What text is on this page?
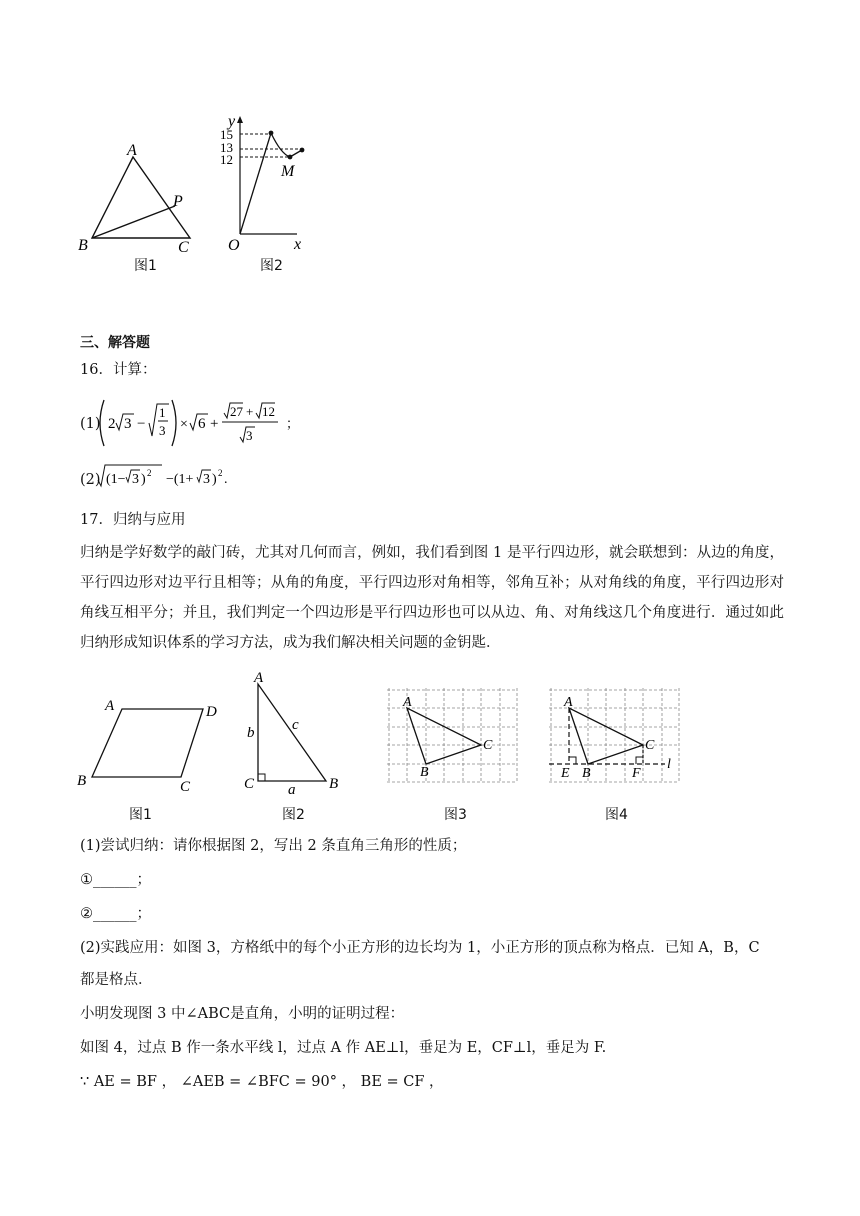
A
B	C
P
图1
15
13
12
y
x
O
M
图2
三、解答题
16．计算：
(1) 2 3 −
1
3 × 6 +
27 + 12
3
；
(2) (1− 3 ) 2 −(1+ 3 ) 2 .
17．归纳与应用
归纳是学好数学的敲门砖，尤其对几何而言，例如，我们看到图 1 是平行四边形，就会联想到：从边的角度，平行四边形对边平行且相等；从角的角度，平行四边形对角相等，邻角互补；从对角线的角度，平行四边形对角线互相平分；并且，我们判定一个四边形是平行四边形也可以从边、角、对角线这几个角度进行．通过如此归纳形成知识体系的学习方法，成为我们解决相关问题的金钥匙．
A	D
B	C
图1
A
C	B
b	c
a
图2
A
B
C
图3
A
E B	F
C
l
图4
(1)尝试归纳：请你根据图 2，写出 2 条直角三角形的性质；
①______；
②______；
(2)实践应用：如图 3，方格纸中的每个小正方形的边长均为 1，小正方形的顶点称为格点．已知 A，B，C
都是格点．
小明发现图 3 中∠ABC是直角，小明的证明过程：
如图 4，过点 B 作一条水平线 l，过点 A 作 AE⊥l，垂足为 E，CF⊥l，垂足为 F.
∵ AE = BF ， ∠AEB = ∠BFC = 90° ， BE = CF ，
